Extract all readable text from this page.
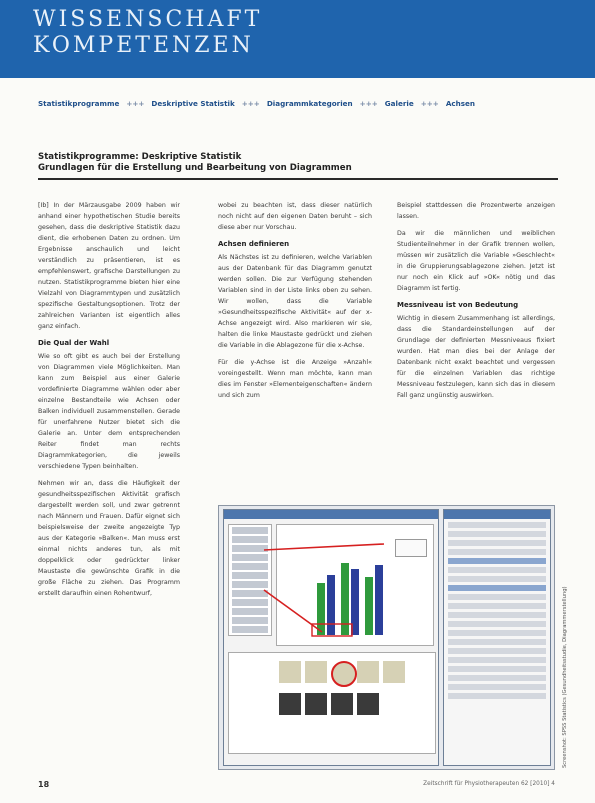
WISSENSCHAFT
KOMPETENZEN
Statistikprogramme +++ Deskriptive Statistik +++ Diagrammkategorien +++ Galerie +++ Achsen
Statistikprogramme: Deskriptive Statistik
Grundlagen für die Erstellung und Bearbeitung von Diagrammen

[Ib] In der Märzausgabe 2009 haben wir anhand einer hypothetischen Studie bereits gesehen, dass die deskriptive Statistik dazu dient, die erhobenen Daten zu ordnen. Um Ergebnisse anschaulich und leicht verständlich zu präsentieren, ist es empfehlenswert, grafische Darstellungen zu nutzen. Statistikprogramme bieten hier eine Vielzahl von Diagrammtypen und zusätzlich spezifische Gestaltungsoptionen. Trotz der zahlreichen Varianten ist eigentlich alles ganz einfach.

Die Qual der Wahl

Wie so oft gibt es auch bei der Erstellung von Diagrammen viele Möglichkeiten. Man kann zum Beispiel aus einer Galerie vordefinierte Diagramme wählen oder aber einzelne Bestandteile wie Achsen oder Balken individuell zusammenstellen. Gerade für unerfahrene Nutzer bietet sich die Galerie an. Unter dem entsprechenden Reiter findet man rechts Diagrammkategorien, die jeweils verschiedene Typen beinhalten.

Nehmen wir an, dass die Häufigkeit der gesundheitsspezifischen Aktivität grafisch dargestellt werden soll, und zwar getrennt nach Männern und Frauen. Dafür eignet sich beispielsweise der zweite angezeigte Typ aus der Kategorie »Balken«. Man muss erst einmal nichts anderes tun, als mit doppelklick oder gedrückter linker Maustaste die gewünschte Grafik in die große Fläche zu ziehen. Das Programm erstellt daraufhin einen Rohentwurf,

wobei zu beachten ist, dass dieser natürlich noch nicht auf den eigenen Daten beruht – sich diese aber nur Vorschau.

Achsen definieren

Als Nächstes ist zu definieren, welche Variablen aus der Datenbank für das Diagramm genutzt werden sollen. Die zur Verfügung stehenden Variablen sind in der Liste links oben zu sehen. Wir wollen, dass die Variable »Gesundheitsspezifische Aktivität« auf der x-Achse angezeigt wird. Also markieren wir sie, halten die linke Maustaste gedrückt und ziehen die Variable in die Ablagezone für die x-Achse.

Für die y-Achse ist die Anzeige »Anzahl« voreingestellt. Wenn man möchte, kann man dies im Fenster »Elementeigenschaften« ändern und sich zum

Beispiel stattdessen die Prozentwerte anzeigen lassen.

Da wir die männlichen und weiblichen Studienteilnehmer in der Grafik trennen wollen, müssen wir zusätzlich die Variable »Geschlecht« in die Gruppierungsablagezone ziehen. Jetzt ist nur noch ein Klick auf »OK« nötig und das Diagramm ist fertig.

Messniveau ist von Bedeutung

Wichtig in diesem Zusammenhang ist allerdings, dass die Standardeinstellungen auf der Grundlage der definierten Messniveaus fixiert wurden. Hat man dies bei der Anlage der Datenbank nicht exakt beachtet und vergessen für die einzelnen Variablen das richtige Messniveau festzulegen, kann sich das in diesem Fall ganz ungünstig auswirken.

Screenshot: SPSS Statistics (Gesundheitsstudie, Diagrammerstellung)
18	Zeitschrift für Physiotherapeuten 62 [2010] 4
